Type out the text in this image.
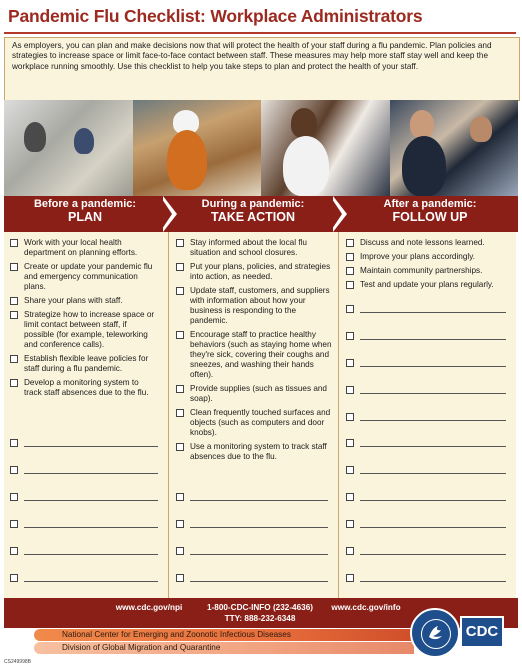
Pandemic Flu Checklist: Workplace Administrators
As employers, you can plan and make decisions now that will protect the health of your staff during a flu pandemic. Plan policies and strategies to increase space or limit face-to-face contact between staff. These measures may help more staff stay well and keep the workplace running smoothly. Use this checklist to help you take steps to plan and protect the health of your staff.
Before a pandemic:
PLAN
During a pandemic:
TAKE ACTION
After a pandemic:
FOLLOW UP
Work with your local health department on planning efforts.
Create or update your pandemic flu and emergency communication plans.
Share your plans with staff.
Strategize how to increase space or limit contact between staff, if possible (for example, teleworking and conference calls).
Establish flexible leave policies for staff during a flu pandemic.
Develop a monitoring system to track staff absences due to the flu.
Stay informed about the local flu situation and school closures.
Put your plans, policies, and strategies into action, as needed.
Update staff, customers, and suppliers with information about how your business is responding to the pandemic.
Encourage staff to practice healthy behaviors (such as staying home when they're sick, covering their coughs and sneezes, and washing their hands often).
Provide supplies (such as tissues and soap).
Clean frequently touched surfaces and objects (such as computers and door knobs).
Use a monitoring system to track staff absences due to the flu.
Discuss and note lessons learned.
Improve your plans accordingly.
Maintain community partnerships.
Test and update your plans regularly.
www.cdc.gov/npi	1-800-CDC-INFO (232-4636)
TTY: 888-232-6348
www.cdc.gov/info
National Center for Emerging and Zoonotic Infectious Diseases
Division of Global Migration and Quarantine
CDC
CS249998B
